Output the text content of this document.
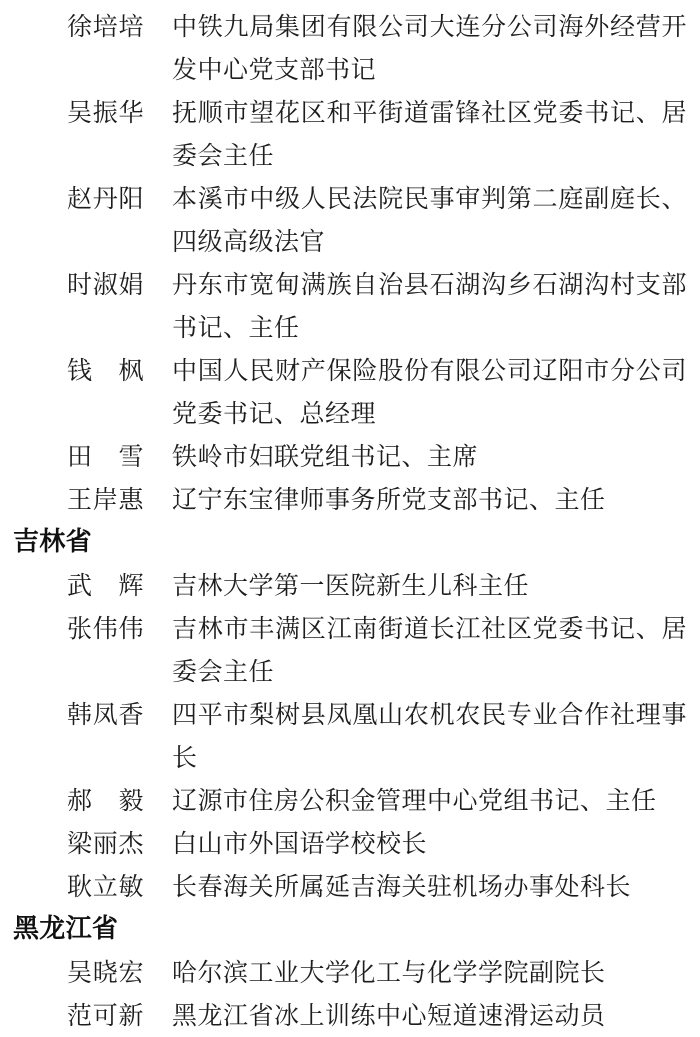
徐培培 中铁九局集团有限公司大连分公司海外经营开发中心党支部书记
吴振华 抚顺市望花区和平街道雷锋社区党委书记、居委会主任
赵丹阳 本溪市中级人民法院民事审判第二庭副庭长、四级高级法官
时淑娟 丹东市宽甸满族自治县石湖沟乡石湖沟村支部书记、主任
钱枫 中国人民财产保险股份有限公司辽阳市分公司党委书记、总经理
田雪 铁岭市妇联党组书记、主席
王岸惠 辽宁东宝律师事务所党支部书记、主任
吉林省
武辉 吉林大学第一医院新生儿科主任
张伟伟 吉林市丰满区江南街道长江社区党委书记、居委会主任
韩凤香 四平市梨树县凤凰山农机农民专业合作社理事长
郝毅 辽源市住房公积金管理中心党组书记、主任
梁丽杰 白山市外国语学校校长
耿立敏 长春海关所属延吉海关驻机场办事处科长
黑龙江省
吴晓宏 哈尔滨工业大学化工与化学学院副院长
范可新 黑龙江省冰上训练中心短道速滑运动员
